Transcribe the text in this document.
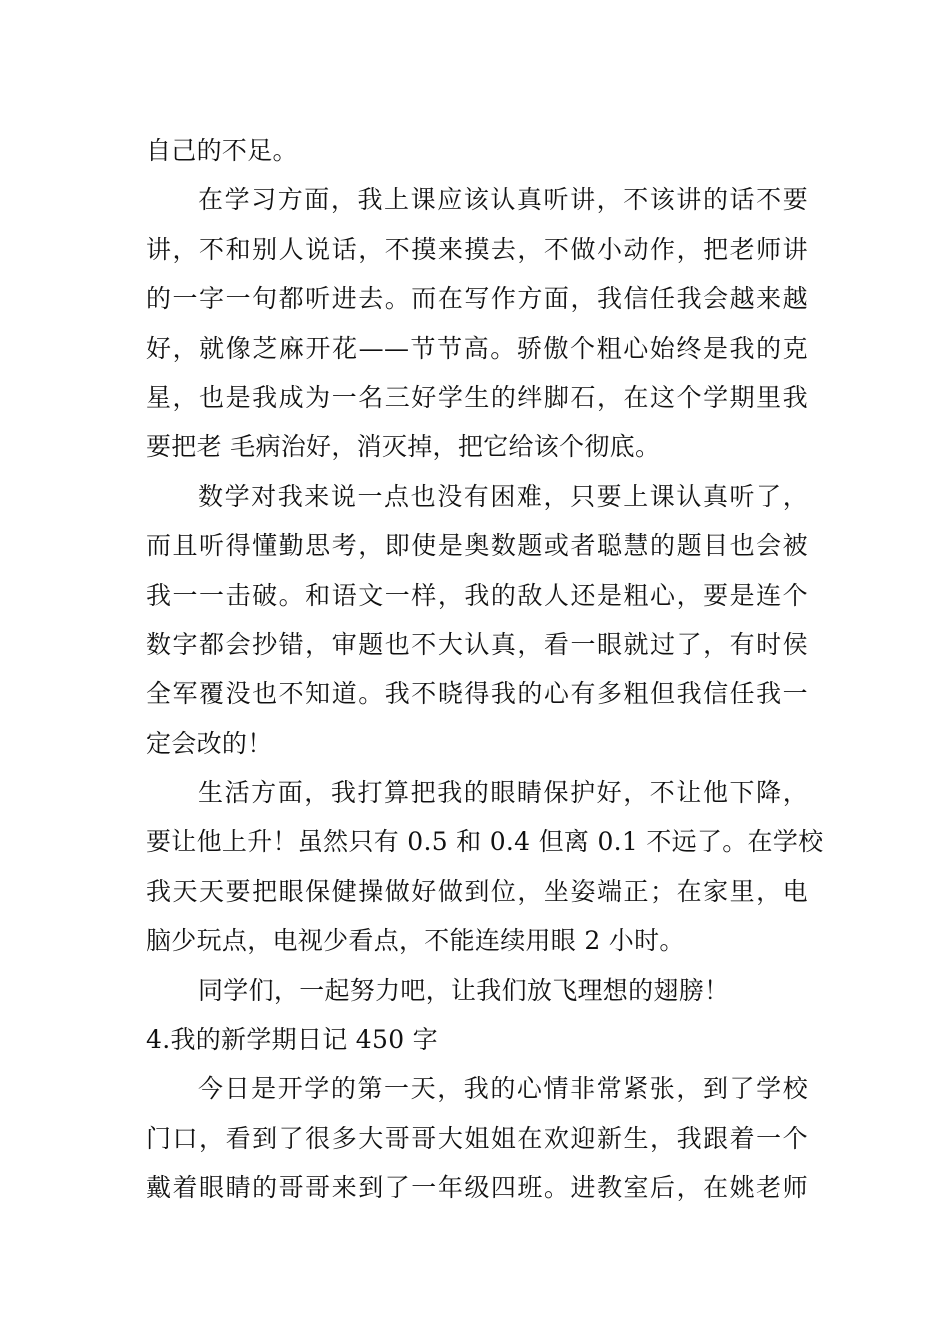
自己的不足。
在学习方面，我上课应该认真听讲，不该讲的话不要
讲，不和别人说话，不摸来摸去，不做小动作，把老师讲
的一字一句都听进去。而在写作方面，我信任我会越来越
好，就像芝麻开花——节节高。骄傲个粗心始终是我的克
星，也是我成为一名三好学生的绊脚石，在这个学期里我
要把老 毛病治好，消灭掉，把它给该个彻底。
数学对我来说一点也没有困难，只要上课认真听了，
而且听得懂勤思考，即使是奥数题或者聪慧的题目也会被
我一一击破。和语文一样，我的敌人还是粗心，要是连个
数字都会抄错，审题也不大认真，看一眼就过了，有时侯
全军覆没也不知道。我不晓得我的心有多粗但我信任我一
定会改的！
生活方面，我打算把我的眼睛保护好，不让他下降，
要让他上升！虽然只有 0.5 和 0.4 但离 0.1 不远了。在学校
我天天要把眼保健操做好做到位，坐姿端正；在家里，电
脑少玩点，电视少看点，不能连续用眼 2 小时。
同学们，一起努力吧，让我们放飞理想的翅膀！
4.我的新学期日记 450 字
今日是开学的第一天，我的心情非常紧张，到了学校
门口，看到了很多大哥哥大姐姐在欢迎新生，我跟着一个
戴着眼睛的哥哥来到了一年级四班。进教室后，在姚老师
